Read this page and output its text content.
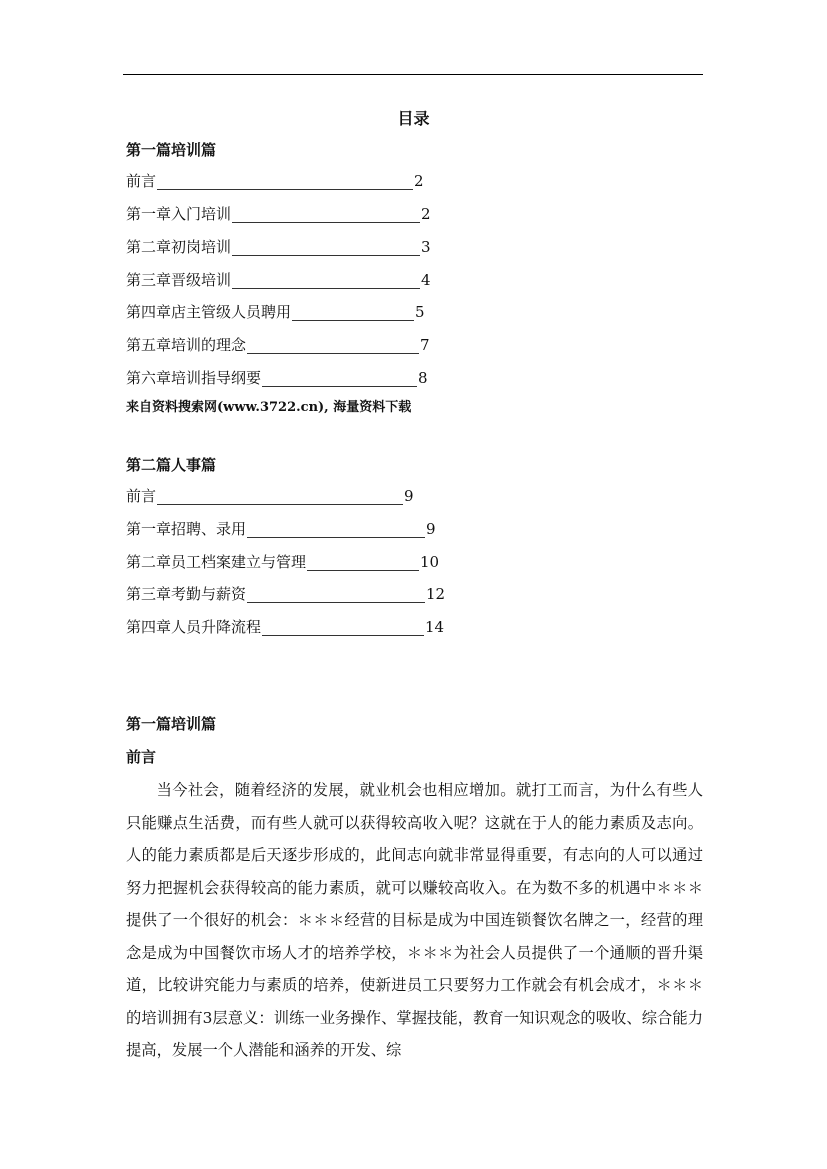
目录
第一篇培训篇
前言	2
第一章入门培训	2
第二章初岗培训	3
第三章晋级培训	4
第四章店主管级人员聘用	5
第五章培训的理念	7
第六章培训指导纲要	8
来自资料搜索网(www.3722.cn), 海量资料下载
第二篇人事篇
前言	9
第一章招聘、录用	9
第二章员工档案建立与管理	10
第三章考勤与薪资	12
第四章人员升降流程	14
第一篇培训篇
前言
当今社会，随着经济的发展，就业机会也相应增加。就打工而言，为什么有些人只能赚点生活费，而有些人就可以获得较高收入呢？这就在于人的能力素质及志向。人的能力素质都是后天逐步形成的，此间志向就非常显得重要，有志向的人可以通过努力把握机会获得较高的能力素质，就可以赚较高收入。在为数不多的机遇中＊＊＊提供了一个很好的机会：＊＊＊经营的目标是成为中国连锁餐饮名牌之一，经营的理念是成为中国餐饮市场人才的培养学校，＊＊＊为社会人员提供了一个通顺的晋升渠道，比较讲究能力与素质的培养，使新进员工只要努力工作就会有机会成才，＊＊＊的培训拥有3层意义：训练一业务操作、掌握技能，教育一知识观念的吸收、综合能力提高，发展一个人潜能和涵养的开发、综
